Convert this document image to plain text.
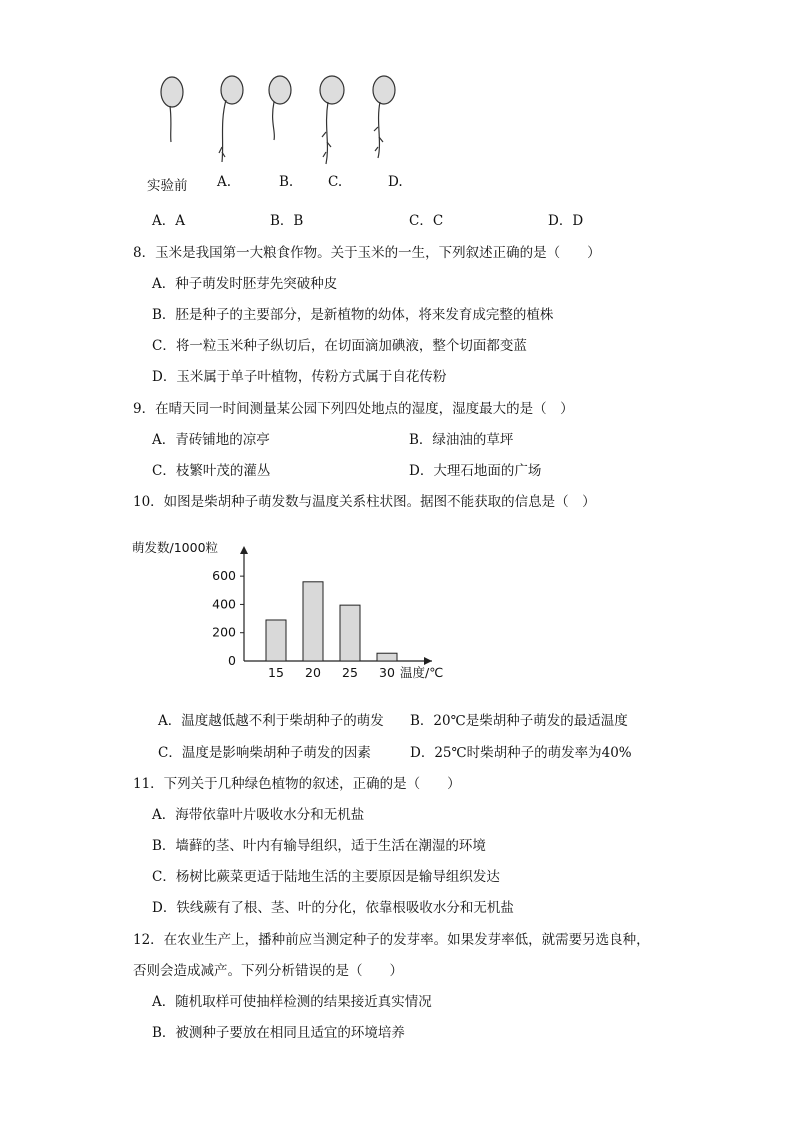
实验前 A.	B.	C.	D.
A．A	B．B	C．C	D．D
8．玉米是我国第一大粮食作物。关于玉米的一生，下列叙述正确的是（　　）
A．种子萌发时胚芽先突破种皮
B．胚是种子的主要部分，是新植物的幼体，将来发育成完整的植株
C．将一粒玉米种子纵切后，在切面滴加碘液，整个切面都变蓝
D．玉米属于单子叶植物，传粉方式属于自花传粉
9．在晴天同一时间测量某公园下列四处地点的湿度，湿度最大的是（　）
A．青砖铺地的凉亭	B．绿油油的草坪
C．枝繁叶茂的灌丛	D．大理石地面的广场
10．如图是柴胡种子萌发数与温度关系柱状图。据图不能获取的信息是（　）
萌发数/1000粒
0
200
400
600
15 20 25 30 温度/℃
A．温度越低越不利于柴胡种子的萌发 B．20℃是柴胡种子萌发的最适温度
C．温度是影响柴胡种子萌发的因素	D．25℃时柴胡种子的萌发率为40%
11．下列关于几种绿色植物的叙述，正确的是（　　）
A．海带依靠叶片吸收水分和无机盐
B．墙藓的茎、叶内有输导组织，适于生活在潮湿的环境
C．杨树比蕨菜更适于陆地生活的主要原因是输导组织发达
D．铁线蕨有了根、茎、叶的分化，依靠根吸收水分和无机盐
12．在农业生产上，播种前应当测定种子的发芽率。如果发芽率低，就需要另选良种，
否则会造成减产。下列分析错误的是（　　）
A．随机取样可使抽样检测的结果接近真实情况
B．被测种子要放在相同且适宜的环境培养
